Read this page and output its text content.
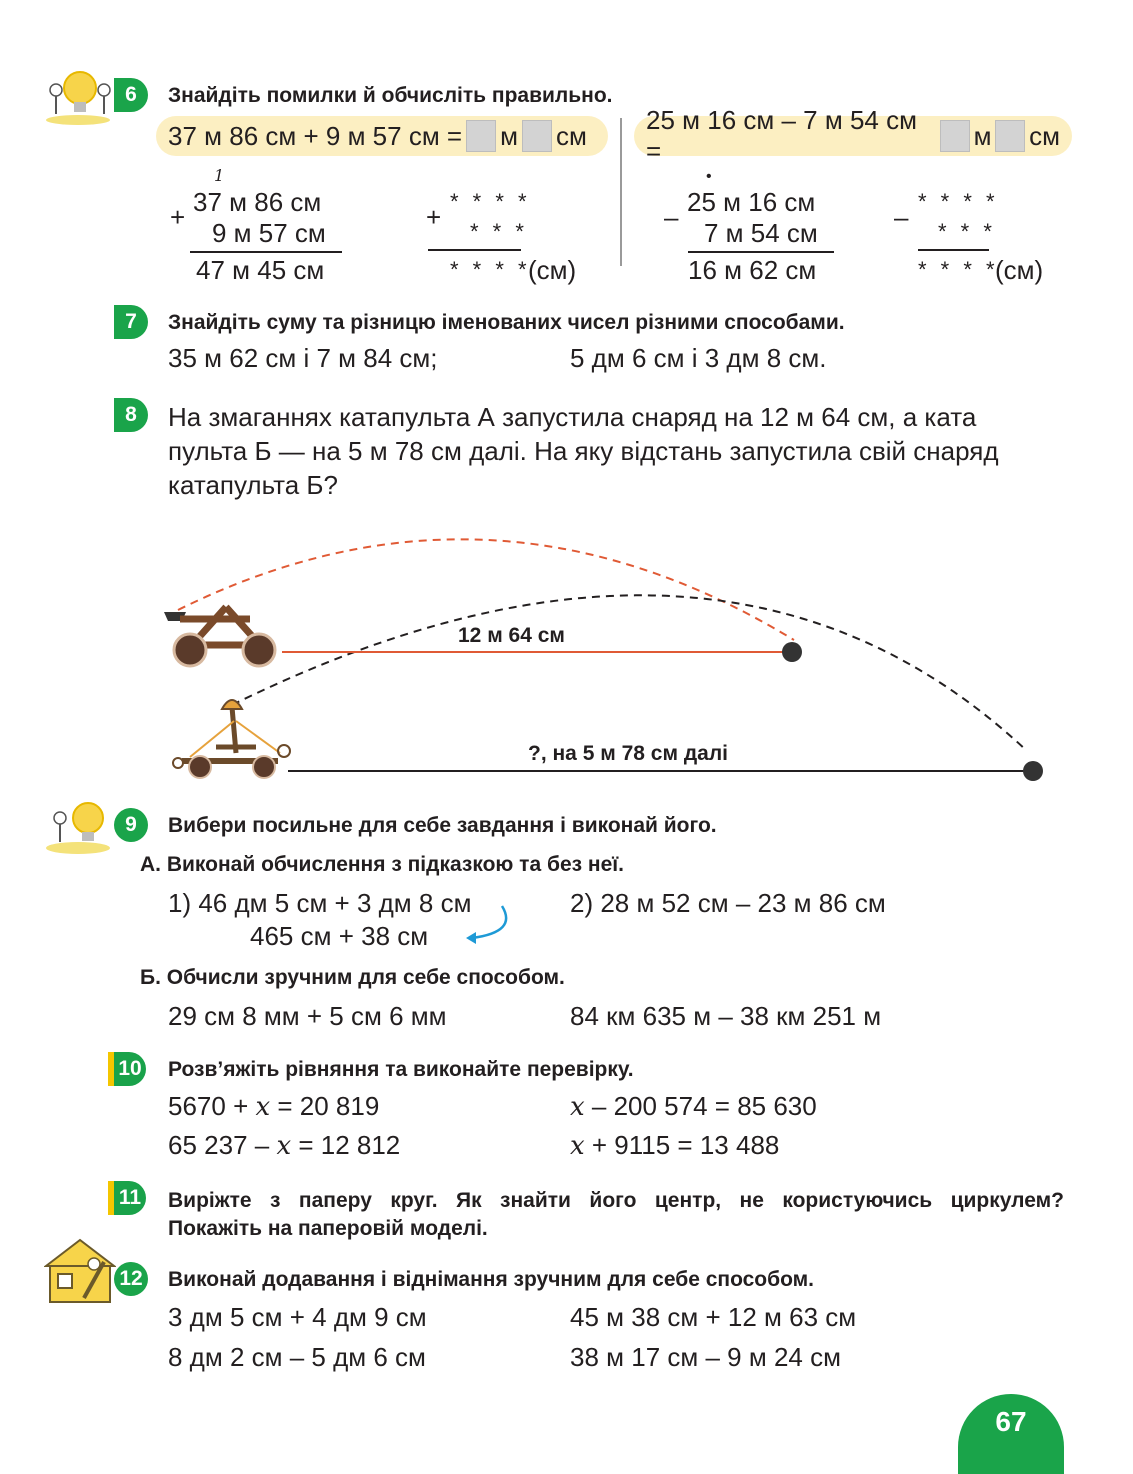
6	Знайдіть помилки й обчисліть правильно.
37 м 86 см + 9 м 57 см = м см
25 м 16 см – 7 м 54 см =
м см
1
+ 37 м 86 см
9 м 57 см
47 м 45 см
+
* * * *
* * *
* * * *
(см)
•
– 25 м 16 см
7 м 54 см
16 м 62 см
–
* * * *
* * *
* * * *
(см)
7	Знайдіть суму та різницю іменованих чисел різними способами.
35 м 62 см і 7 м 84 см;	5 дм 6 см і 3 дм 8 см.
8	На змаганнях катапульта А запустила снаряд на 12 м 64 см, а ката
пульта Б — на 5 м 78 см далі. На яку відстань запустила свій снаряд
катапульта Б?
12 м 64 см
?, на 5 м 78 см далі
9	Вибери посильне для себе завдання і виконай його.
А. Виконай обчислення з підказкою та без неї.
1) 46 дм 5 см + 3 дм 8 см
465 см + 38 см
2) 28 м 52 см – 23 м 86 см
Б. Обчисли зручним для себе способом.
29 см 8 мм + 5 см 6 мм	84 км 635 м – 38 км 251 м
10 Розв’яжіть рівняння та виконайте перевірку.
5670 + x = 20 819	x – 200 574 = 85 630
65 237 – x = 12 812	x + 9115 = 13 488
11 Виріжте з паперу круг. Як знайти його центр, не користуючись циркулем?
Покажіть на паперовій моделі.
12 Виконай додавання і віднімання зручним для себе способом.
3 дм 5 см + 4 дм 9 см	45 м 38 см + 12 м 63 см
8 дм 2 см – 5 дм 6 см	38 м 17 см – 9 м 24 см
67
